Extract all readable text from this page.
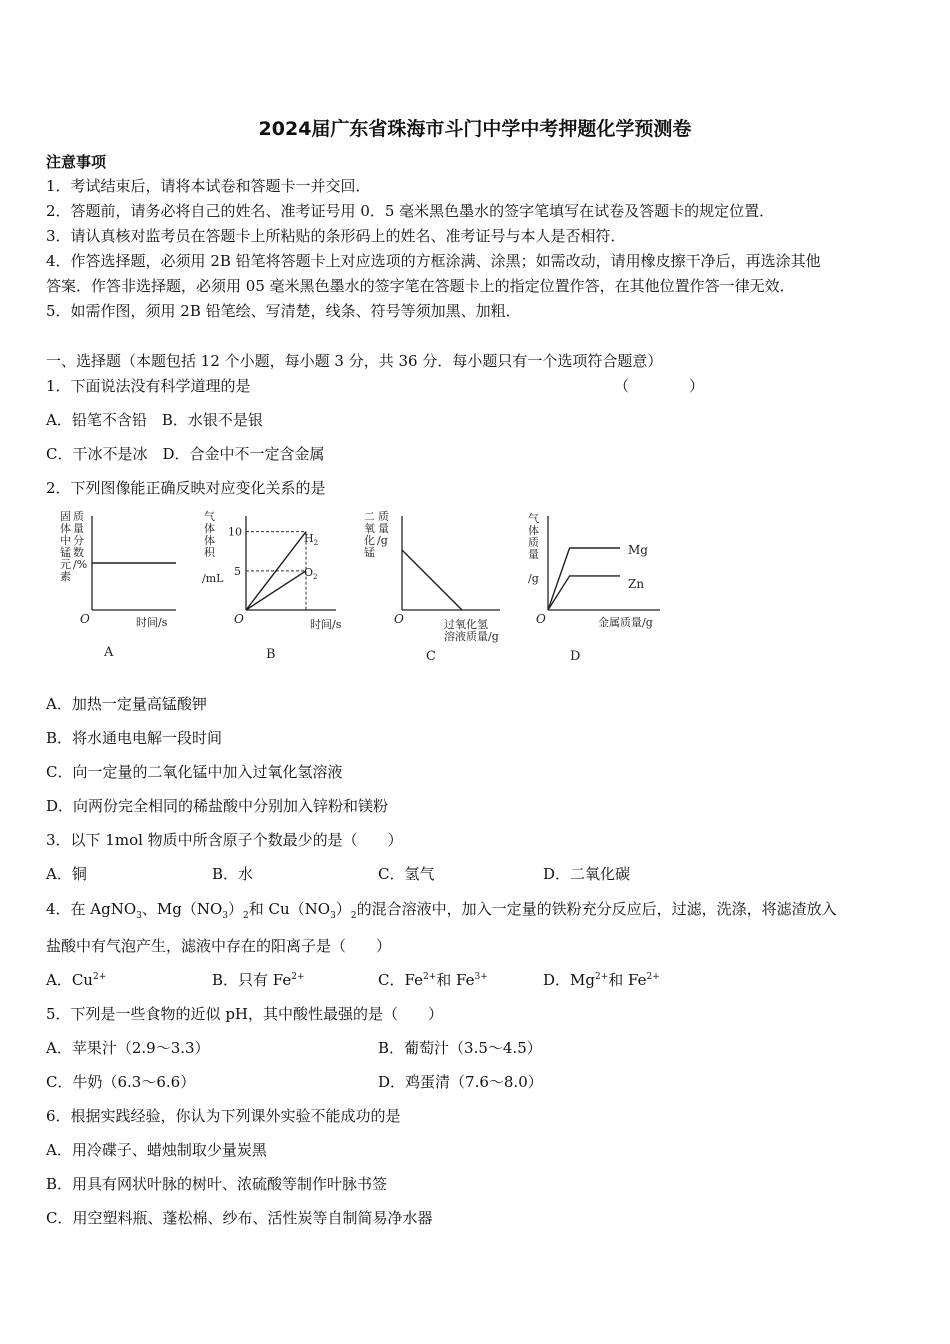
2024届广东省珠海市斗门中学中考押题化学预测卷
注意事项
1．考试结束后，请将本试卷和答题卡一并交回．
2．答题前，请务必将自己的姓名、准考证号用 0．5 毫米黑色墨水的签字笔填写在试卷及答题卡的规定位置．
3．请认真核对监考员在答题卡上所粘贴的条形码上的姓名、准考证号与本人是否相符．
4．作答选择题，必须用 2B 铅笔将答题卡上对应选项的方框涂满、涂黑；如需改动，请用橡皮擦干净后，再选涂其他
答案．作答非选择题，必须用 05 毫米黑色墨水的签字笔在答题卡上的指定位置作答，在其他位置作答一律无效．
5．如需作图，须用 2B 铅笔绘、写清楚，线条、符号等须加黑、加粗．
一、选择题（本题包括 12 个小题，每小题 3 分，共 36 分．每小题只有一个选项符合题意）
1．下面说法没有科学道理的是	（　　　　）
A．铅笔不含铅　B．水银不是银
C．干冰不是冰　D．合金中不一定含金属
2．下列图像能正确反映对应变化关系的是
固
体
中
锰
元
素
质
量
分
数
/%
O	时间/s
A
气
体
体
积
/mL
10
5
$H_2$
$O_2$
O	时间/s
B
二
氧
化
锰
质
量
/g
O	过氧化氢
溶液质量/g
C
气
体
质
量
/g
Mg
Zn
O	金属质量/g
D
A．加热一定量高锰酸钾
B．将水通电电解一段时间
C．向一定量的二氧化锰中加入过氧化氢溶液
D．向两份完全相同的稀盐酸中分别加入锌粉和镁粉
3．以下 1mol 物质中所含原子个数最少的是（　　）
A．铜	B．水	C．氢气	D．二氧化碳
4．在 AgNO$_3$、$Mg(NO_3)_2$和 $Cu(NO_3)_2$的混合溶液中，加入一定量的铁粉充分反应后，过滤，洗涤，将滤渣放入
盐酸中有气泡产生，滤液中存在的阳离子是（　　）
A．$Cu^{2+}$	B．只有 $Fe^{2+}$	C．$Fe^{2+}$和 $Fe^{3+}$	D．$Mg^{2+}$和 $Fe^{2+}$
5．下列是一些食物的近似 pH，其中酸性最强的是（　　）
A．苹果汁（2.9～3.3）	B．葡萄汁（3.5～4.5）
C．牛奶（6.3～6.6）	D．鸡蛋清（7.6～8.0）
6．根据实践经验，你认为下列课外实验不能成功的是
A．用冷碟子、蜡烛制取少量炭黑
B．用具有网状叶脉的树叶、浓硫酸等制作叶脉书签
C．用空塑料瓶、蓬松棉、纱布、活性炭等自制简易净水器
